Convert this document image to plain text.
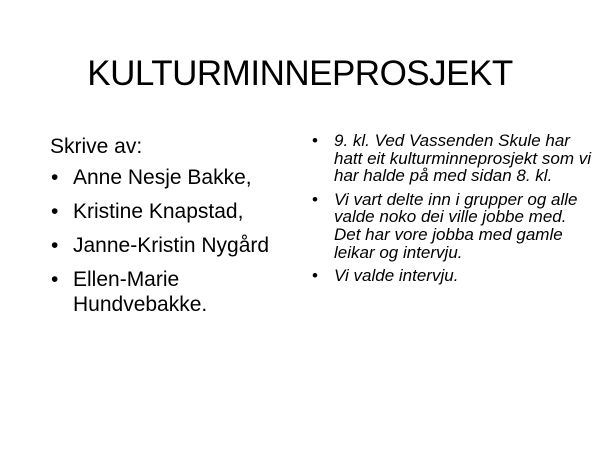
KULTURMINNEPROSJEKT
Skrive av:
• Anne Nesje Bakke,
• Kristine Knapstad,
• Janne-Kristin Nygård
• Ellen-Marie Hundvebakke.
• 9. kl. Ved Vassenden Skule har hatt eit kulturminneprosjekt som vi har halde på med sidan 8. kl.
• Vi vart delte inn i grupper og alle valde noko dei ville jobbe med. Det har vore jobba med gamle leikar og intervju.
• Vi valde intervju.
